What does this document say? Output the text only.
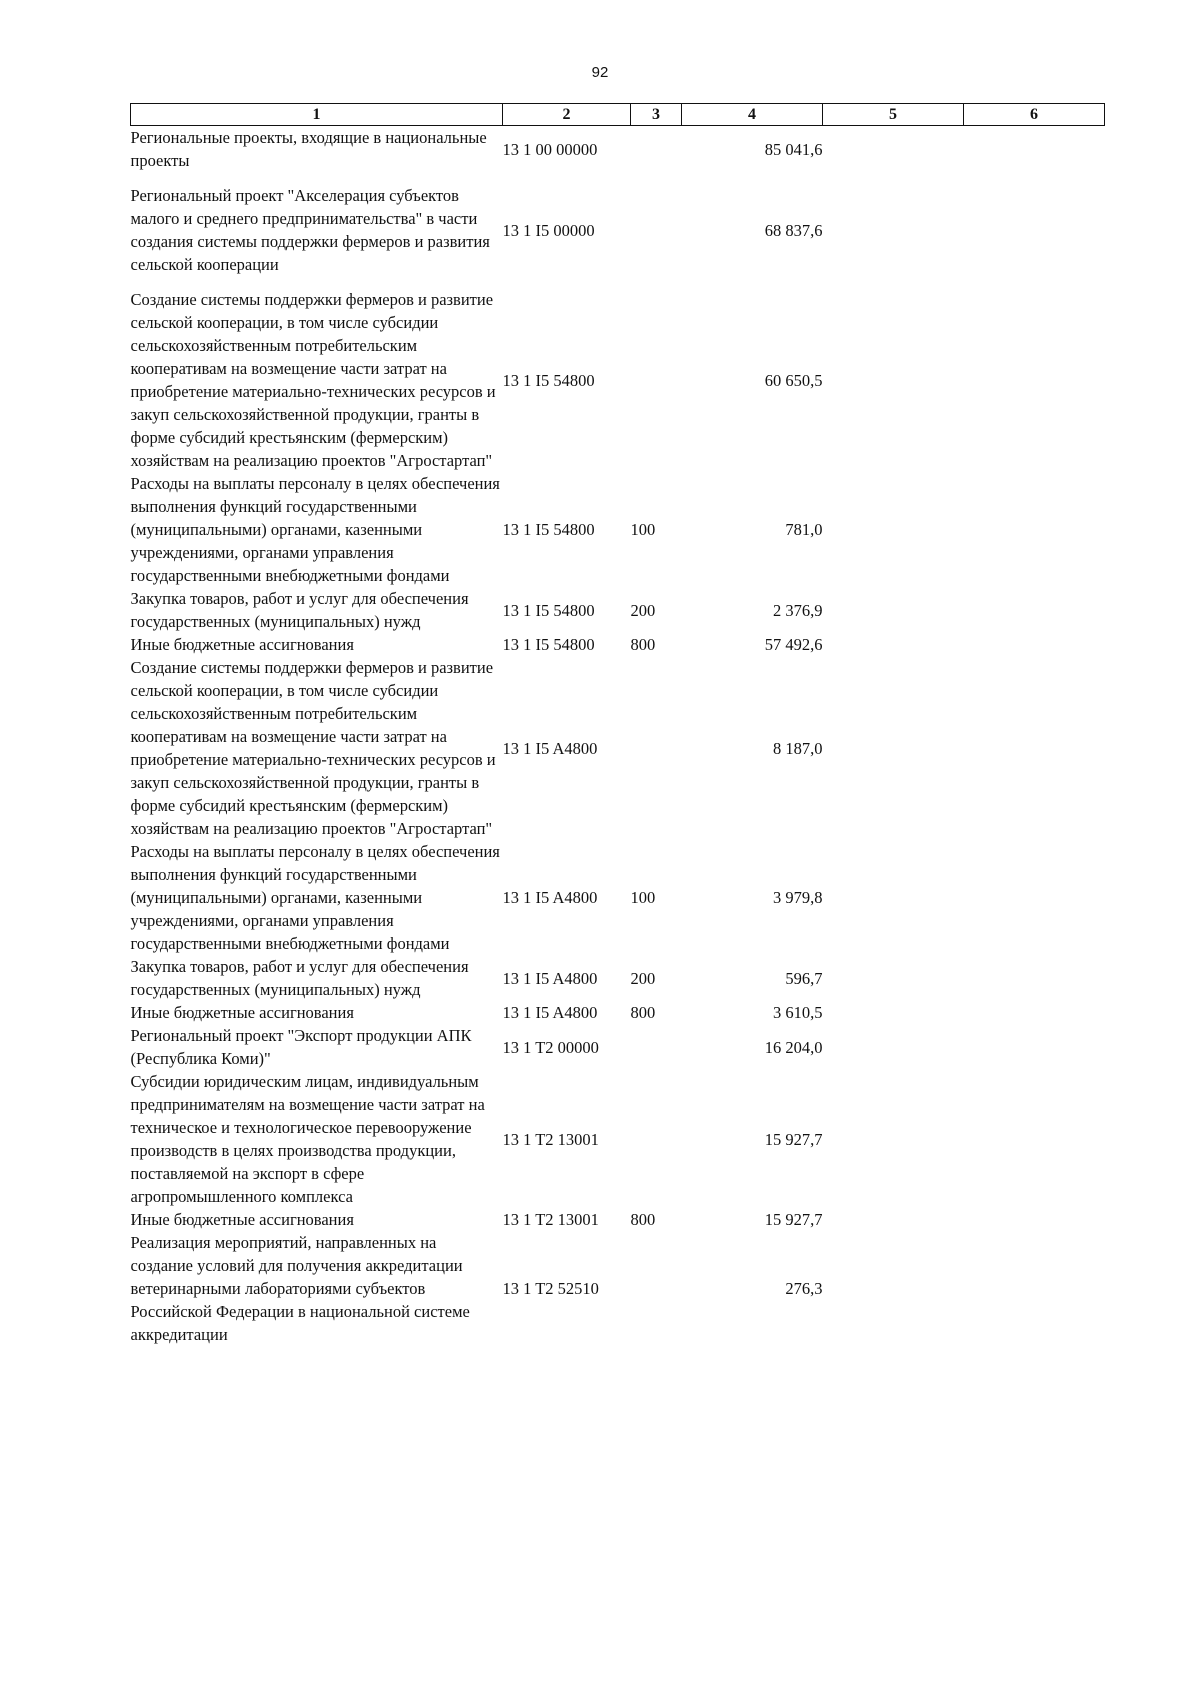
92
1	2	3	4	5	6
Региональные проекты, входящие в национальные проекты	13 1 00 00000		85 041,6		
Региональный проект "Акселерация субъектов малого и среднего предпринимательства" в части создания системы поддержки фермеров и развития сельской кооперации	13 1 I5 00000		68 837,6		
Создание системы поддержки фермеров и развитие сельской кооперации, в том числе субсидии сельскохозяйственным потребительским кооперативам на возмещение части затрат на приобретение материально-технических ресурсов и закуп сельскохозяйственной продукции, гранты в форме субсидий крестьянским (фермерским) хозяйствам на реализацию проектов "Агростартап"	13 1 I5 54800		60 650,5		
Расходы на выплаты персоналу в целях обеспечения выполнения функций государственными (муниципальными) органами, казенными учреждениями, органами управления государственными внебюджетными фондами	13 1 I5 54800	100	781,0		
Закупка товаров, работ и услуг для обеспечения государственных (муниципальных) нужд	13 1 I5 54800	200	2 376,9		
Иные бюджетные ассигнования	13 1 I5 54800	800	57 492,6		
Создание системы поддержки фермеров и развитие сельской кооперации, в том числе субсидии сельскохозяйственным потребительским кооперативам на возмещение части затрат на приобретение материально-технических ресурсов и закуп сельскохозяйственной продукции, гранты в форме субсидий крестьянским (фермерским) хозяйствам на реализацию проектов "Агростартап"	13 1 I5 A4800		8 187,0		
Расходы на выплаты персоналу в целях обеспечения выполнения функций государственными (муниципальными) органами, казенными учреждениями, органами управления государственными внебюджетными фондами	13 1 I5 A4800	100	3 979,8		
Закупка товаров, работ и услуг для обеспечения государственных (муниципальных) нужд	13 1 I5 A4800	200	596,7		
Иные бюджетные ассигнования	13 1 I5 A4800	800	3 610,5		
Региональный проект "Экспорт продукции АПК (Республика Коми)"	13 1 T2 00000		16 204,0		
Субсидии юридическим лицам, индивидуальным предпринимателям на возмещение части затрат на техническое и технологическое перевооружение производств в целях производства продукции, поставляемой на экспорт в сфере агропромышленного комплекса	13 1 T2 13001		15 927,7		
Иные бюджетные ассигнования	13 1 T2 13001	800	15 927,7		
Реализация мероприятий, направленных на создание условий для получения аккредитации ветеринарными лабораториями субъектов Российской Федерации в национальной системе аккредитации	13 1 T2 52510		276,3		
